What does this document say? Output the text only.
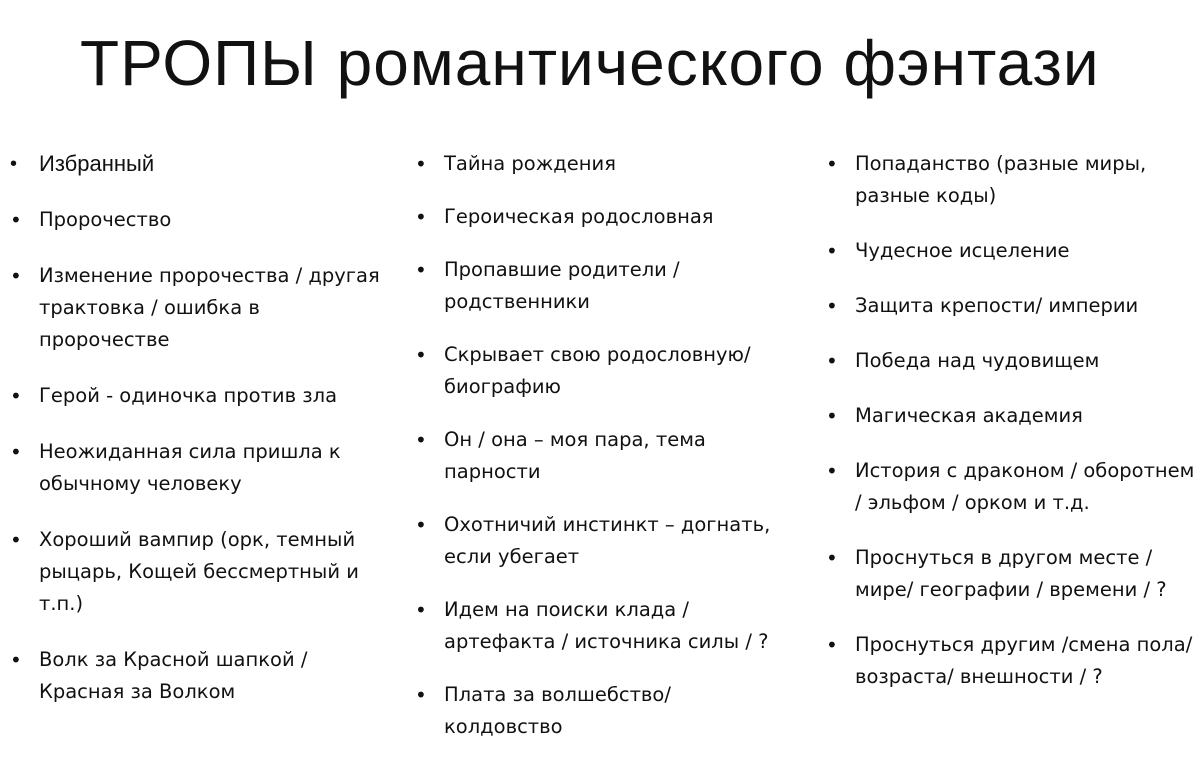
ТРОПЫ романтического фэнтази
• Избранный
• Пророчество
• Изменение пророчества / другая трактовка / ошибка в пророчестве
• Герой - одиночка против зла
• Неожиданная сила пришла к обычному человеку
• Хороший вампир (орк, темный рыцарь, Кощей бессмертный и т.п.)
• Волк за Красной шапкой / Красная за Волком
• Тайна рождения
• Героическая родословная
• Пропавшие родители / родственники
• Скрывает свою родословную/ биографию
• Он / она – моя пара, тема парности
• Охотничий инстинкт – догнать, если убегает
• Идем на поиски клада / артефакта / источника силы / ?
• Плата за волшебство/ колдовство
• Попаданство (разные миры, разные коды)
• Чудесное исцеление
• Защита крепости/ империи
• Победа над чудовищем
• Магическая академия
• История с драконом / оборотнем / эльфом / орком и т.д.
• Проснуться в другом месте / мире/ географии / времени / ?
• Проснуться другим /смена пола/ возраста/ внешности / ?
